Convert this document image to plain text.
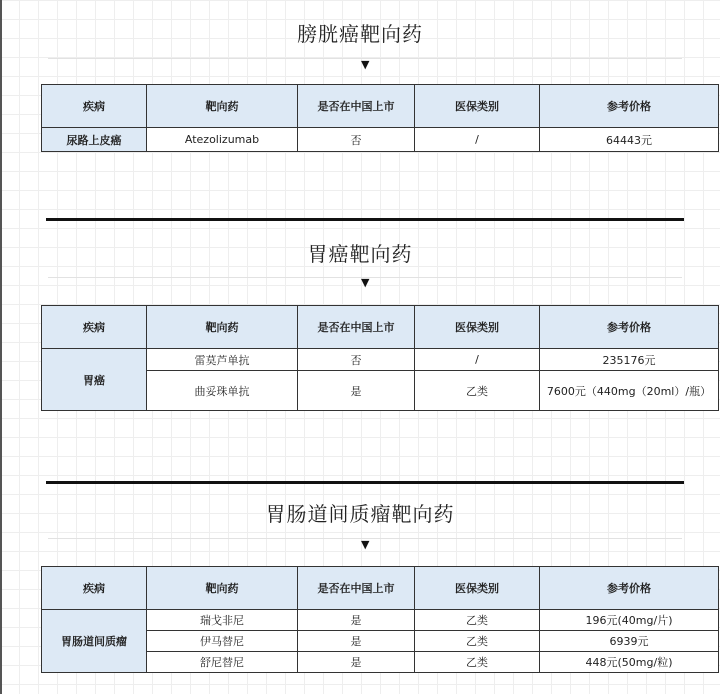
膀胱癌靶向药
▼
疾病	靶向药	是否在中国上市	医保类别	参考价格
尿路上皮癌	Atezolizumab	否	/	64443元
胃癌靶向药
▼
疾病	靶向药	是否在中国上市	医保类别	参考价格
胃癌	雷莫芦单抗	否	/	235176元
	曲妥珠单抗	是	乙类	7600元（440mg（20ml）/瓶）
胃肠道间质瘤靶向药
▼
疾病	靶向药	是否在中国上市	医保类别	参考价格
胃肠道间质瘤	瑞戈非尼	是	乙类	196元(40mg/片)
	伊马替尼	是	乙类	6939元
	舒尼替尼	是	乙类	448元(50mg/粒)
